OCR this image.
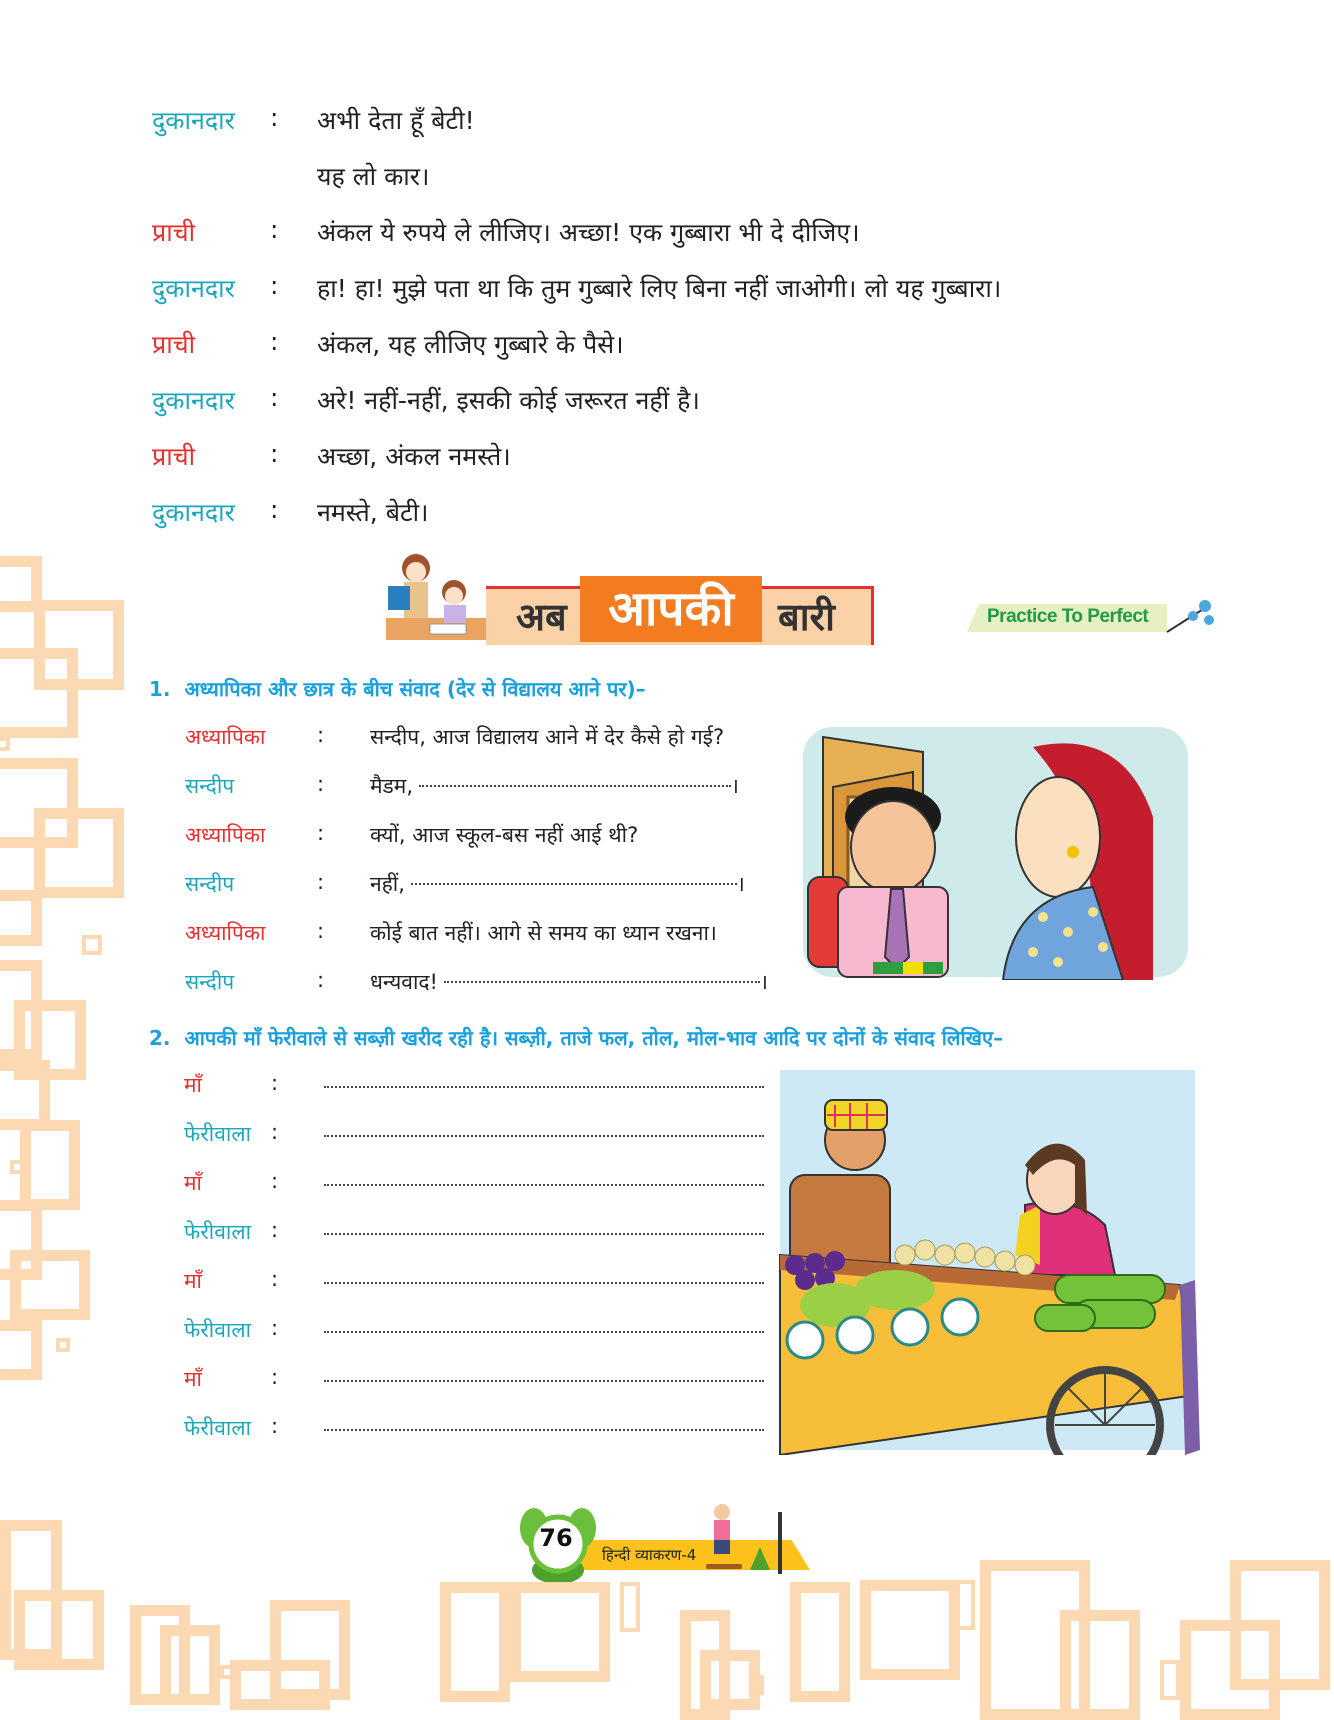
दुकानदार : अभी देता हूँ बेटी!
यह लो कार।
प्राची	: अंकल ये रुपये ले लीजिए। अच्छा! एक गुब्बारा भी दे दीजिए।
दुकानदार : हा! हा! मुझे पता था कि तुम गुब्बारे लिए बिना नहीं जाओगी। लो यह गुब्बारा।
प्राची	: अंकल, यह लीजिए गुब्बारे के पैसे।
दुकानदार : अरे! नहीं-नहीं, इसकी कोई जरूरत नहीं है।
प्राची	: अच्छा, अंकल नमस्ते।
दुकानदार : नमस्ते, बेटी।
अब आपकी	बारी	Practice To Perfect
1. अध्यापिका और छात्र के बीच संवाद (देर से विद्यालय आने पर)–
अध्यापिका : सन्दीप, आज विद्यालय आने में देर कैसे हो गई?
सन्दीप	: मैडम,	।
अध्यापिका : क्यों, आज स्कूल-बस नहीं आई थी?
सन्दीप	: नहीं,	।
अध्यापिका : कोई बात नहीं। आगे से समय का ध्यान रखना।
सन्दीप	: धन्यवाद!	।
2. आपकी माँ फेरीवाले से सब्ज़ी खरीद रही है। सब्ज़ी, ताजे फल, तोल, मोल-भाव आदि पर दोनों के संवाद लिखिए–
माँ	:
फेरीवाला :
माँ	:
फेरीवाला :
माँ	:
फेरीवाला :
माँ	:
फेरीवाला :
76
हिन्दी व्याकरण-4
